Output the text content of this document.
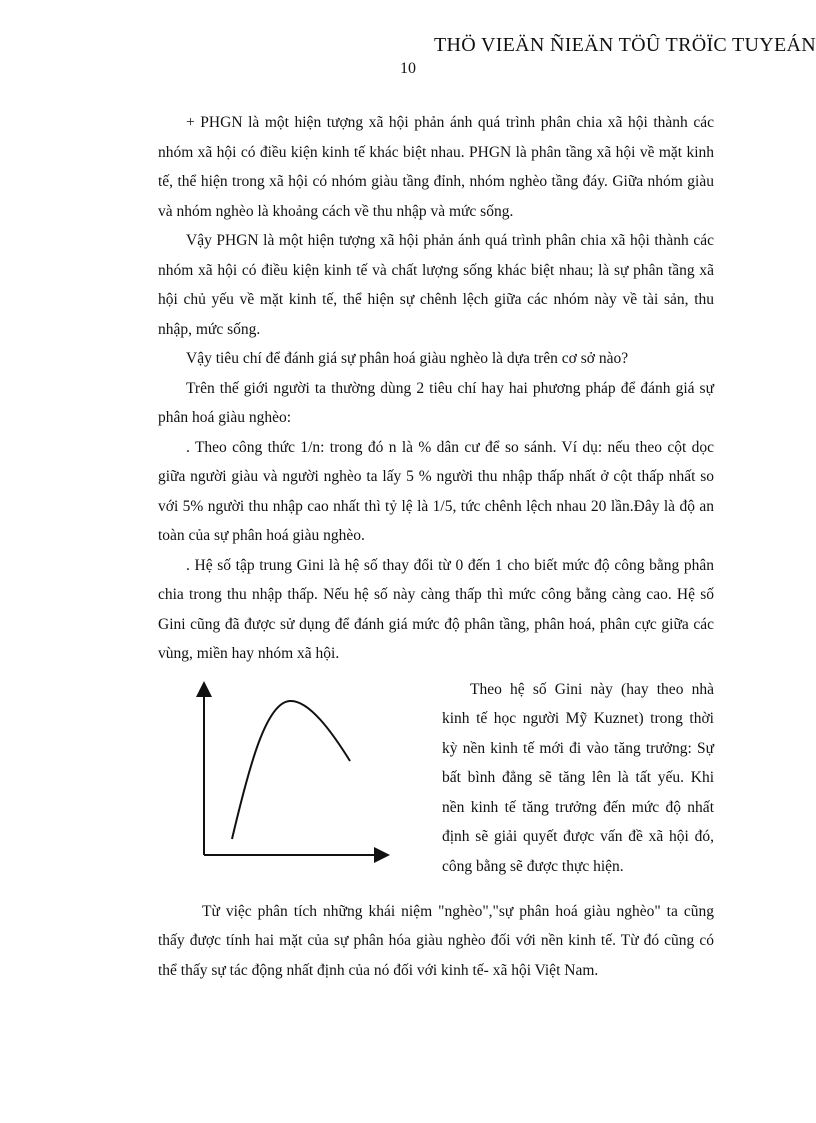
THÖ VIEÄN ÑIEÄN TÖÛ TRÖÏC TUYEÁN
10

+ PHGN là một hiện tượng xã hội phản ánh quá trình phân chia xã hội thành các nhóm xã hội có điều kiện kinh tế khác biệt nhau. PHGN là phân tầng xã hội về mặt kinh tế, thể hiện trong xã hội có nhóm giàu tầng đỉnh, nhóm nghèo tầng đáy. Giữa nhóm giàu và nhóm nghèo là khoảng cách về thu nhập và mức sống.

Vậy PHGN là một hiện tượng xã hội phản ánh quá trình phân chia xã hội thành các nhóm xã hội có điều kiện kinh tế và chất lượng sống khác biệt nhau; là sự phân tầng xã hội chủ yếu về mặt kinh tế, thể hiện sự chênh lệch giữa các nhóm này về tài sản, thu nhập, mức sống.

Vậy tiêu chí để đánh giá sự phân hoá giàu nghèo là dựa trên cơ sở nào?

Trên thế giới người ta thường dùng 2 tiêu chí hay hai phương pháp để đánh giá sự phân hoá giàu nghèo:

. Theo công thức 1/n: trong đó n là % dân cư để so sánh. Ví dụ: nếu theo cột dọc giữa người giàu và người nghèo ta lấy 5 % người thu nhập thấp nhất ở cột thấp nhất so với 5% người thu nhập cao nhất thì tỷ lệ là 1/5, tức chênh lệch nhau 20 lần.Đây là độ an toàn của sự phân hoá giàu nghèo.

. Hệ số tập trung Gini là hệ số thay đổi từ 0 đến 1 cho biết mức độ công bằng phân chia trong thu nhập thấp. Nếu hệ số này càng thấp thì mức công bằng càng cao. Hệ số Gini cũng đã được sử dụng để đánh giá mức độ phân tầng, phân hoá, phân cực giữa các vùng, miền hay nhóm xã hội.

Theo hệ số Gini này (hay theo nhà kinh tế học người Mỹ Kuznet) trong thời kỳ nền kinh tế mới đi vào tăng trưởng: Sự bất bình đẳng sẽ tăng lên là tất yếu. Khi nền kinh tế tăng trưởng đến mức độ nhất định sẽ giải quyết được vấn đề xã hội đó, công bằng sẽ được thực hiện.

Từ việc phân tích những khái niệm "nghèo","sự phân hoá giàu nghèo" ta cũng thấy được tính hai mặt của sự phân hóa giàu nghèo đối với nền kinh tế. Từ đó cũng có thể thấy sự tác động nhất định của nó đối với kinh tế- xã hội Việt Nam.
